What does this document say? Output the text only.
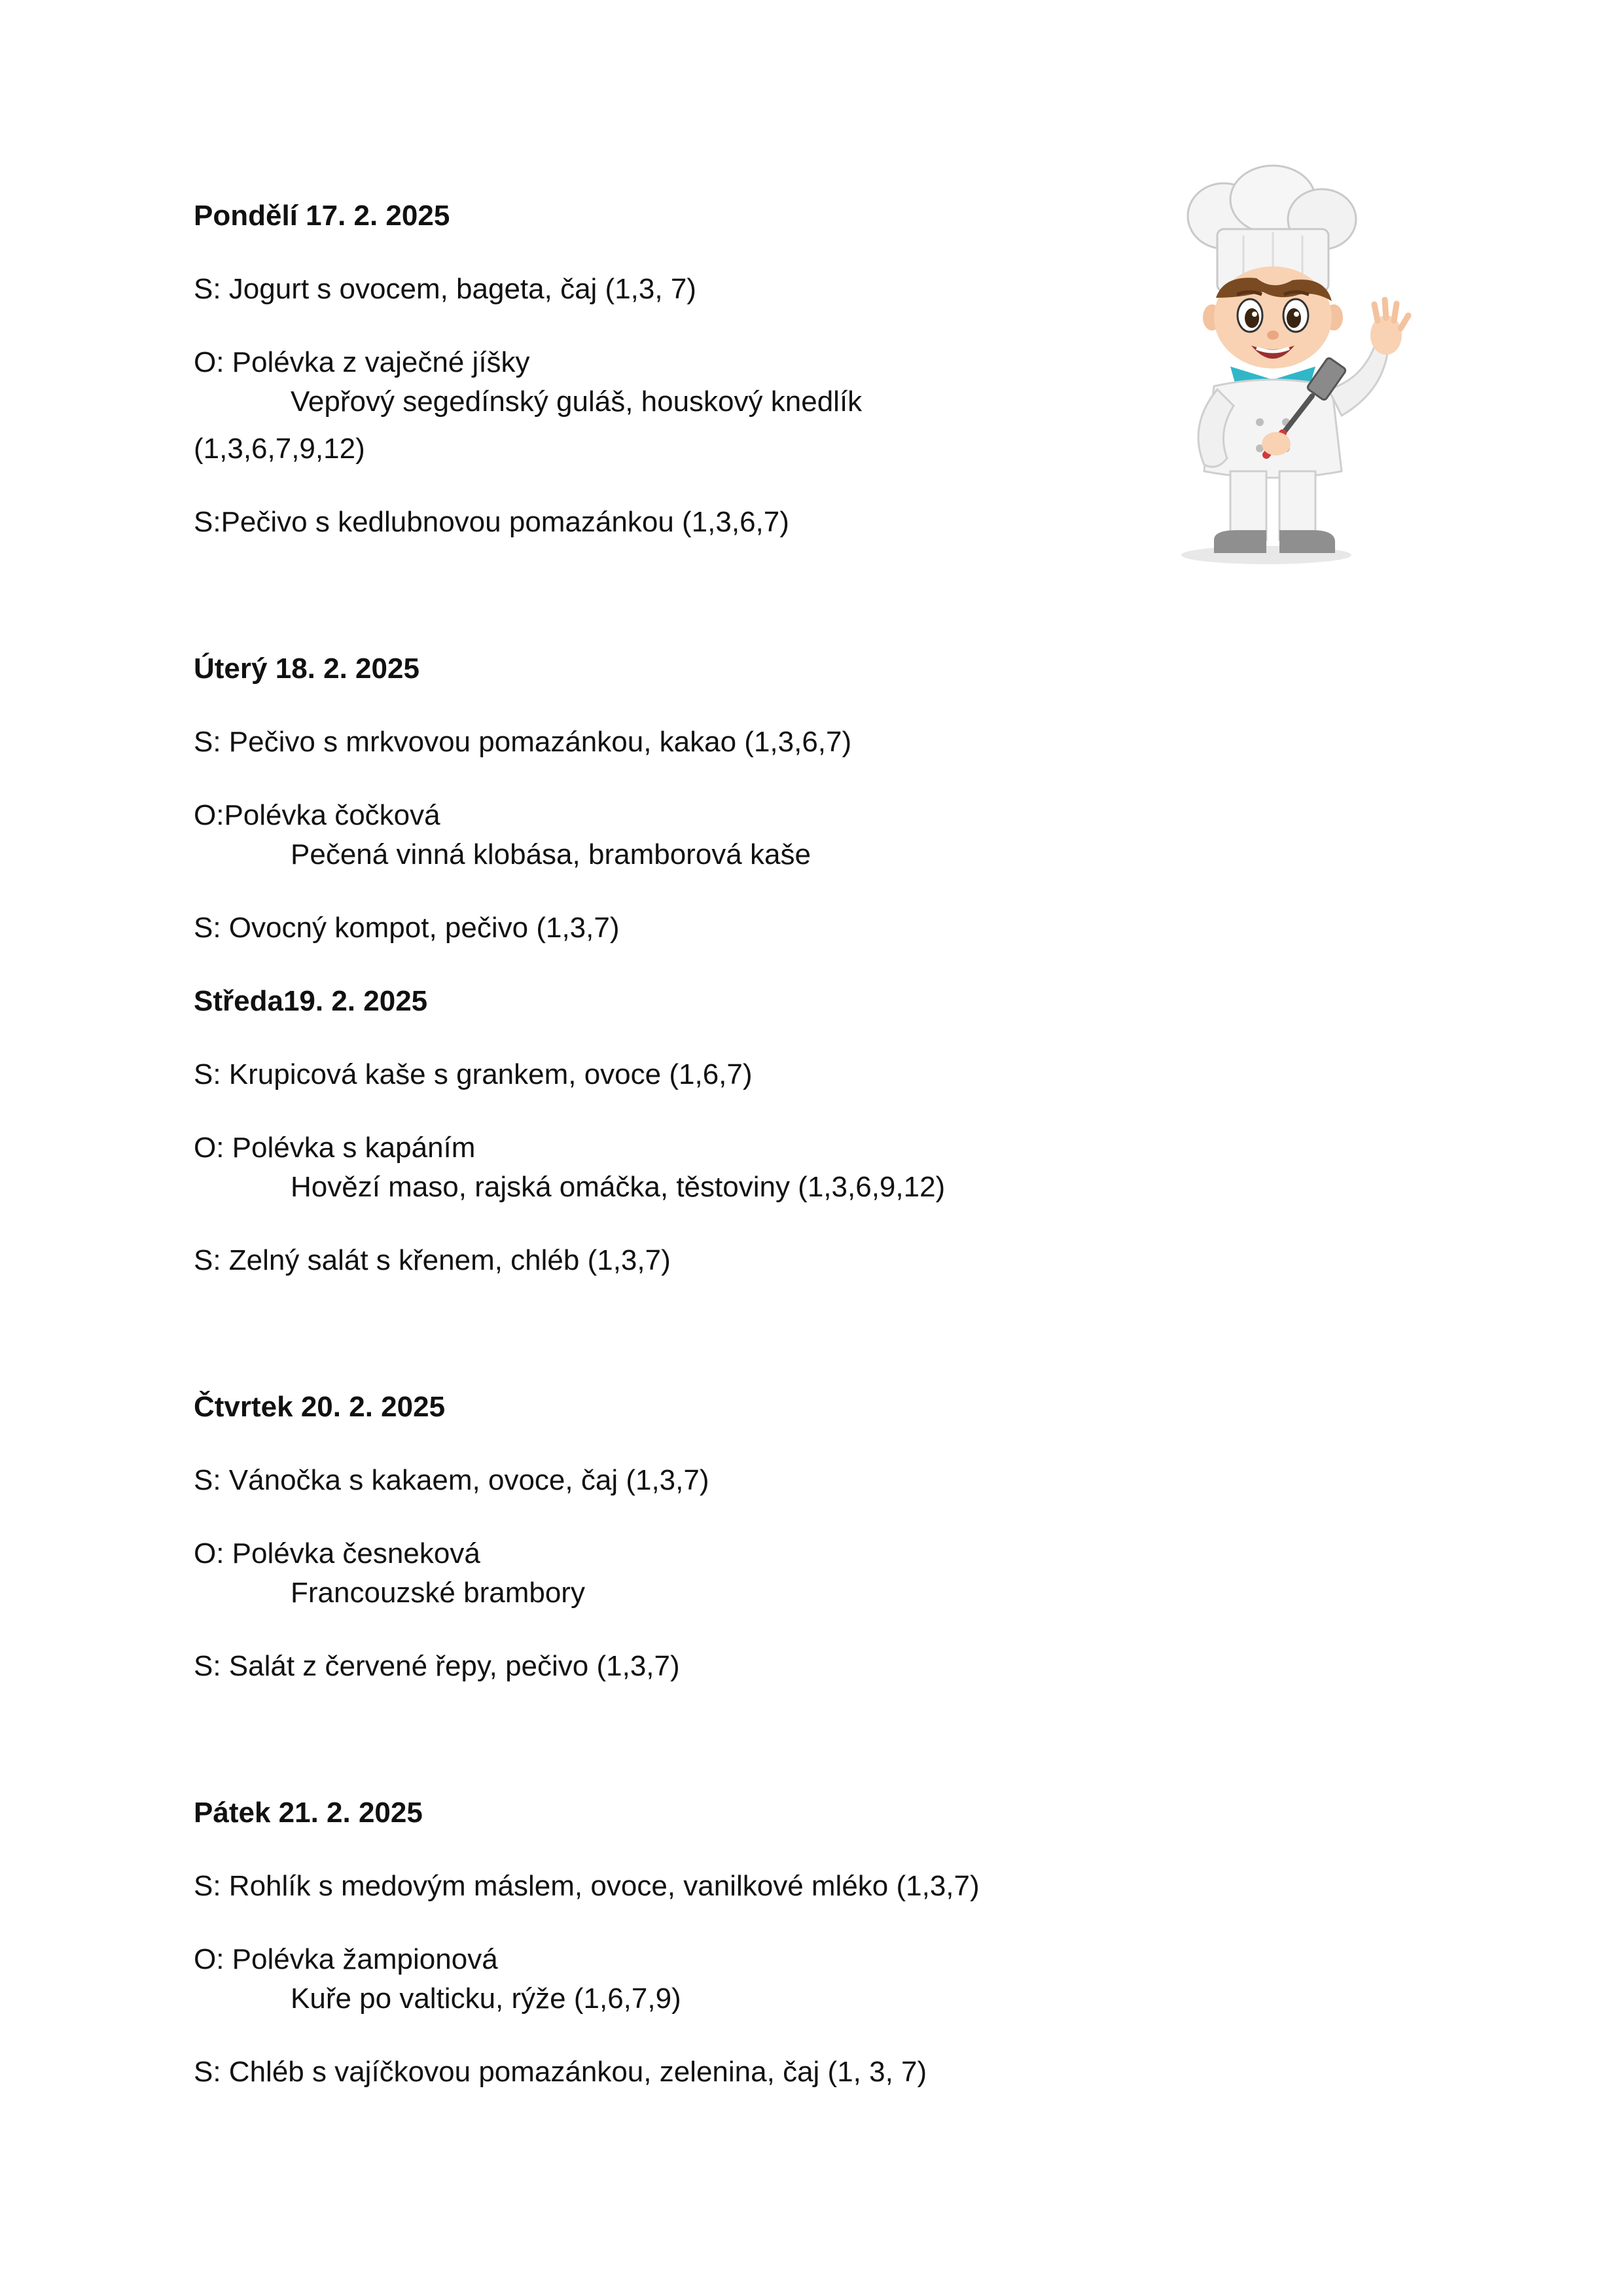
Pondělí 17. 2. 2025

S: Jogurt s ovocem, bageta, čaj (1,3, 7)

O: Polévka z vaječné jíšky

Vepřový segedínský guláš, houskový knedlík

(1,3,6,7,9,12)

S:Pečivo s kedlubnovou pomazánkou (1,3,6,7)

Úterý 18. 2. 2025

S: Pečivo s mrkvovou pomazánkou, kakao (1,3,6,7)

O:Polévka čočková

Pečená vinná klobása, bramborová kaše

S: Ovocný kompot, pečivo (1,3,7)

Středa19. 2. 2025

S: Krupicová kaše s grankem, ovoce (1,6,7)

O: Polévka s kapáním

Hovězí maso, rajská omáčka, těstoviny (1,3,6,9,12)

S: Zelný salát s křenem, chléb (1,3,7)

Čtvrtek 20. 2. 2025

S: Vánočka s kakaem, ovoce, čaj (1,3,7)

O: Polévka česneková

Francouzské brambory

S: Salát z červené řepy, pečivo (1,3,7)

Pátek 21. 2. 2025

S: Rohlík s medovým máslem, ovoce, vanilkové mléko (1,3,7)

O: Polévka žampionová

Kuře po valticku, rýže (1,6,7,9)

S: Chléb s vajíčkovou pomazánkou, zelenina, čaj (1, 3, 7)
